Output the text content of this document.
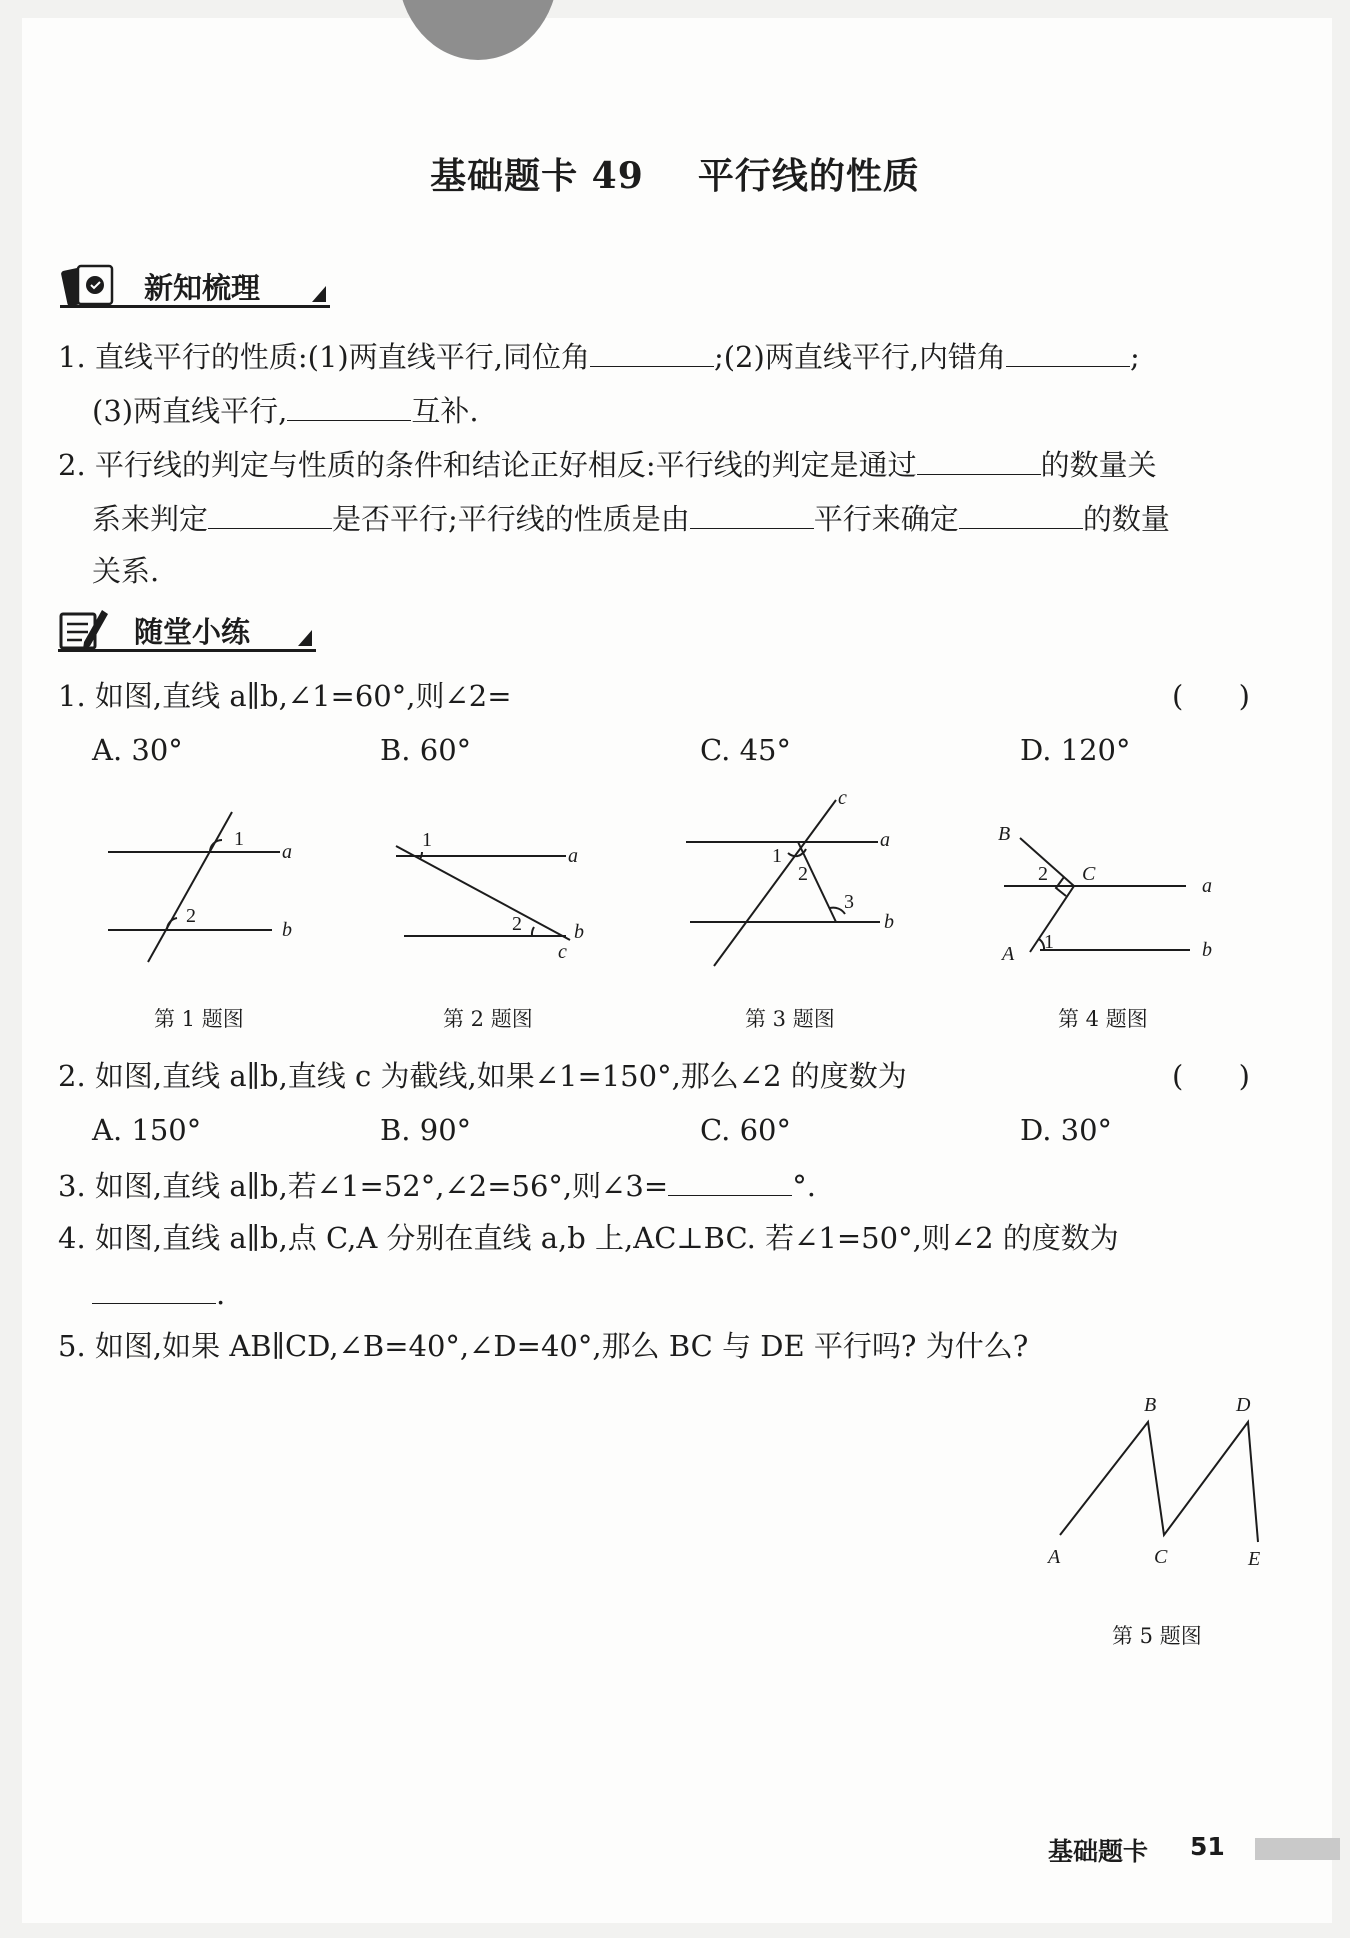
基础题卡 49    平行线的性质
新知梳理
1. 直线平行的性质:(1)两直线平行,同位角	;(2)两直线平行,内错角	;
(3)两直线平行,	互补.
2. 平行线的判定与性质的条件和结论正好相反:平行线的判定是通过	的数量关
系来判定	是否平行;平行线的性质是由	平行来确定	的数量
关系.
随堂小练
1. 如图,直线 a∥b,∠1=60°,则∠2=	(      )
A. 30°	B. 60°	C. 45°	D. 120°
1
2
a
b
第 1 题图
1
2
a
b
c
第 2 题图
1
2
3
a
b
c
第 3 题图
B
C
A
1
2
a
b
第 4 题图
2. 如图,直线 a∥b,直线 c 为截线,如果∠1=150°,那么∠2 的度数为	(      )
A. 150°	B. 90°	C. 60°	D. 30°
3. 如图,直线 a∥b,若∠1=52°,∠2=56°,则∠3=	°.
4. 如图,直线 a∥b,点 C,A 分别在直线 a,b 上,AC⊥BC. 若∠1=50°,则∠2 的度数为
.
5. 如图,如果 AB∥CD,∠B=40°,∠D=40°,那么 BC 与 DE 平行吗? 为什么?
A
B
C
D
E
第 5 题图
基础题卡 51
